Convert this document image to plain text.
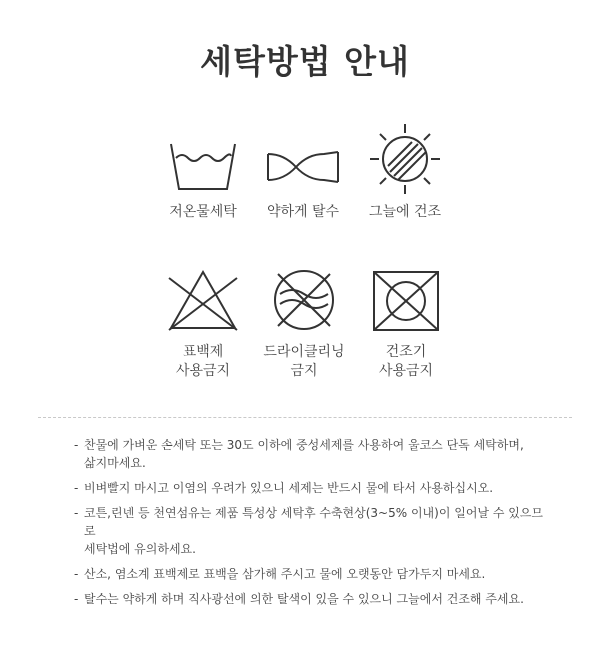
세탁방법 안내
저온물세탁	약하게 탈수	그늘에 건조
표백제
사용금지
드라이클리닝
금지
건조기
사용금지
- 찬물에 가벼운 손세탁 또는 30도 이하에 중성세제를 사용하여 울코스 단독 세탁하며,
삶지마세요.
- 비벼빨지 마시고 이염의 우려가 있으니 세제는 반드시 물에 타서 사용하십시오.
- 코튼,린넨 등 천연섬유는 제품 특성상 세탁후 수축현상(3~5% 이내)이 일어날 수 있으므로
세탁법에 유의하세요.
- 산소, 염소계 표백제로 표백을 삼가해 주시고 물에 오랫동안 담가두지 마세요.
- 탈수는 약하게 하며 직사광선에 의한 탈색이 있을 수 있으니 그늘에서 건조해 주세요.
